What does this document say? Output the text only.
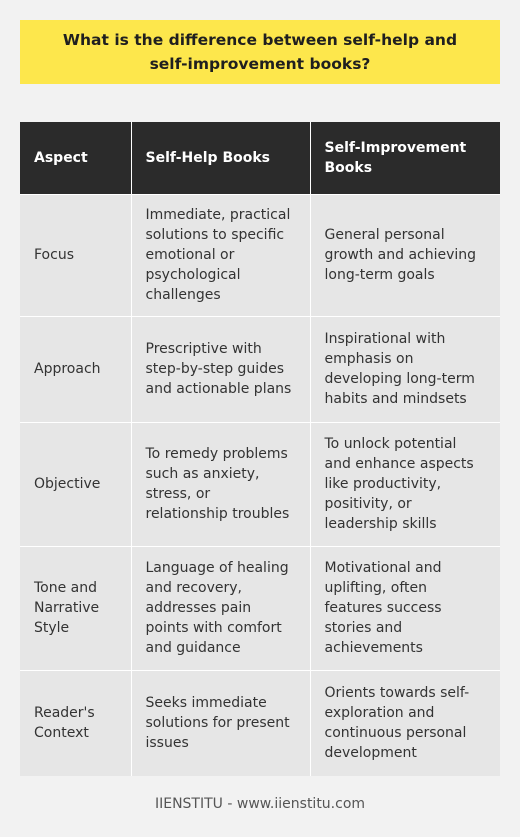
What is the difference between self-help and self-improvement books?
Aspect	Self-Help Books	Self-Improvement Books
Focus	Immediate, practical solutions to specific emotional or psychological challenges	General personal growth and achieving long-term goals
Approach	Prescriptive with step-by-step guides and actionable plans	Inspirational with emphasis on developing long-term habits and mindsets
Objective	To remedy problems such as anxiety, stress, or relationship troubles	To unlock potential and enhance aspects like productivity, positivity, or leadership skills
Tone and Narrative Style	Language of healing and recovery, addresses pain points with comfort and guidance	Motivational and uplifting, often features success stories and achievements
Reader's Context	Seeks immediate solutions for present issues	Orients towards self-exploration and continuous personal development
IIENSTITU - www.iienstitu.com
